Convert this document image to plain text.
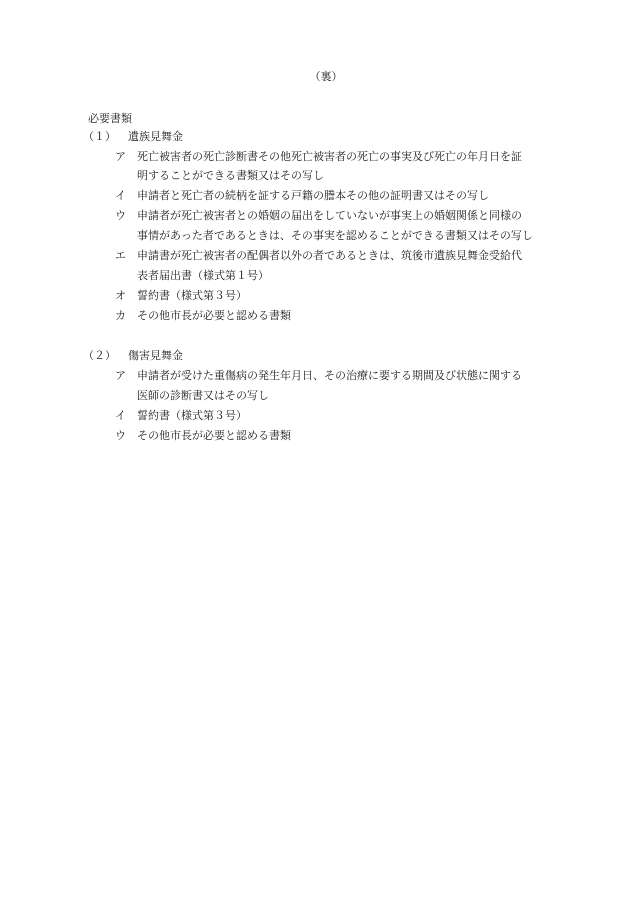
（裏）
必要書類
（１） 遺族見舞金
ア 死亡被害者の死亡診断書その他死亡被害者の死亡の事実及び死亡の年月日を証
明することができる書類又はその写し
イ 申請者と死亡者の続柄を証する戸籍の謄本その他の証明書又はその写し
ウ 申請者が死亡被害者との婚姻の届出をしていないが事実上の婚姻関係と同様の
事情があった者であるときは、その事実を認めることができる書類又はその写し
エ 申請書が死亡被害者の配偶者以外の者であるときは、筑後市遺族見舞金受給代
表者届出書（様式第１号）
オ 誓約書（様式第３号）
カ その他市長が必要と認める書類
（２） 傷害見舞金
ア 申請者が受けた重傷病の発生年月日、その治療に要する期間及び状態に関する
医師の診断書又はその写し
イ 誓約書（様式第３号）
ウ その他市長が必要と認める書類
